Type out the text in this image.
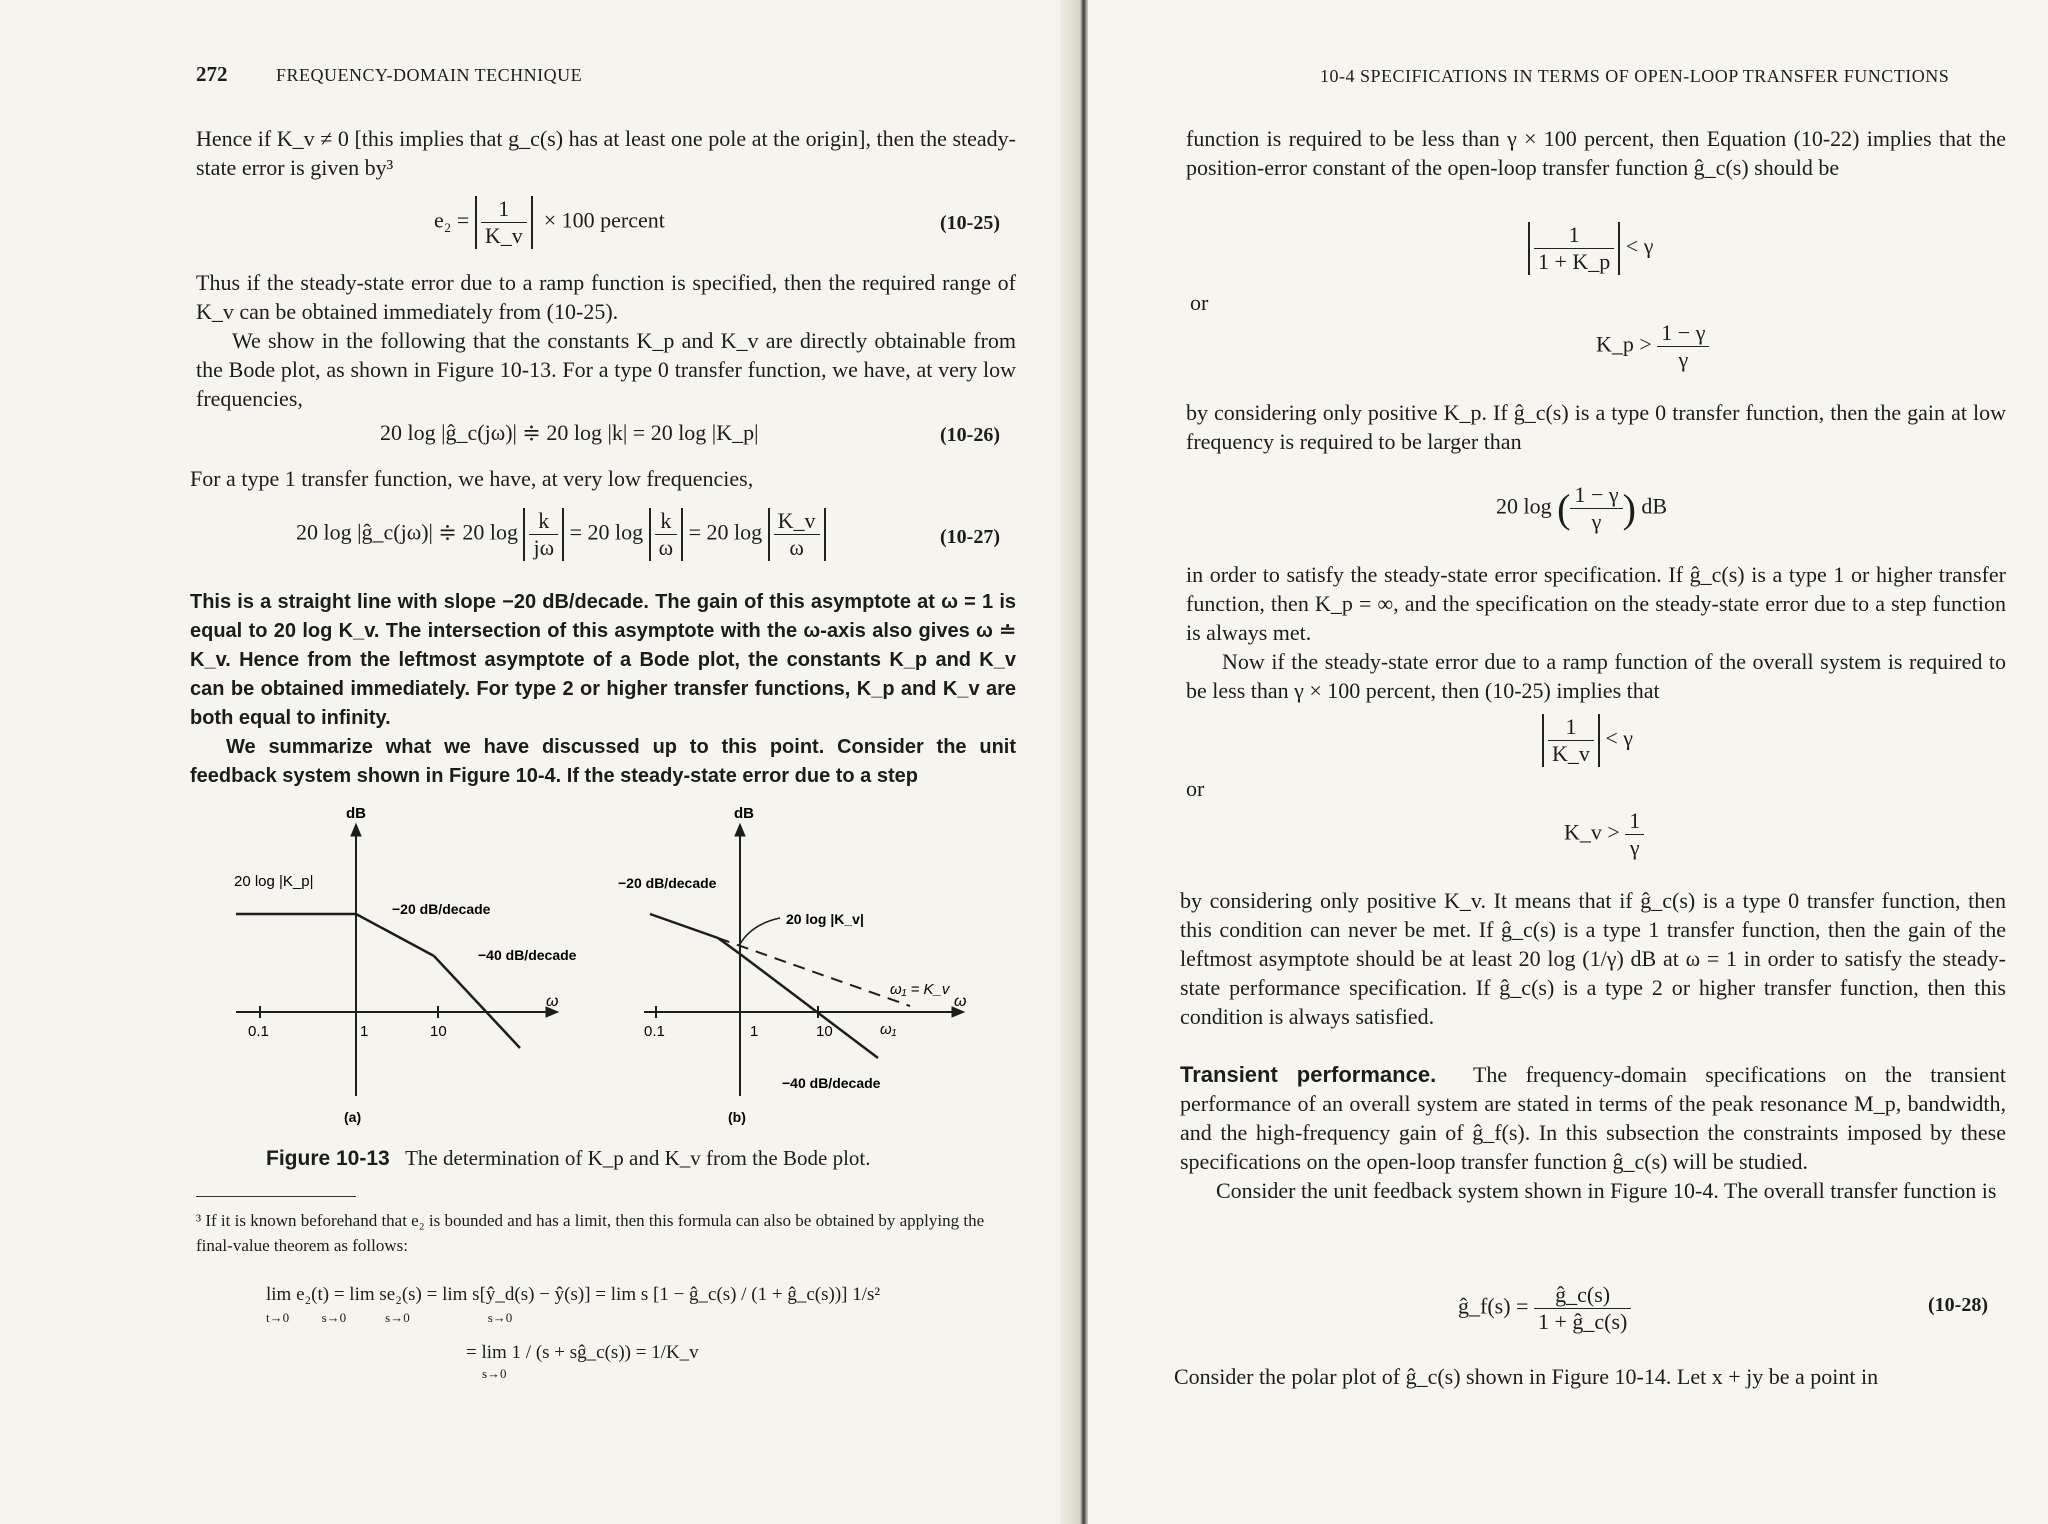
272	FREQUENCY-DOMAIN TECHNIQUE

Hence if K_v ≠ 0 [this implies that g_c(s) has at least one pole at the origin], then the steady-state error is given by³

$e_2 = \frac{1}{K\_v} \times 100$ percent	(10-25)

Thus if the steady-state error due to a ramp function is specified, then the required range of K_v can be obtained immediately from (10-25).

We show in the following that the constants K_p and K_v are directly obtainable from the Bode plot, as shown in Figure 10-13. For a type 0 transfer function, we have, at very low frequencies,

20 log |ĝ_c(jω)| ≑ 20 log |k| = 20 log |K_p|	(10-26)

For a type 1 transfer function, we have, at very low frequencies,

20 log |ĝ_c(jω)| ≑ 20 $\log \frac{k}{j\omega} = 20$ $\log \frac{k}{\omega} = 20$ $\log \frac{K\_v}{\omega}$	(10-27)

This is a straight line with slope −20 dB/decade. The gain of this asymptote at ω = 1 is equal to 20 log K_v. The intersection of this asymptote with the ω-axis also gives ω ≐ K_v. Hence from the leftmost asymptote of a Bode plot, the constants K_p and K_v can be obtained immediately. For type 2 or higher transfer functions, K_p and K_v are both equal to infinity.

We summarize what we have discussed up to this point. Consider the unit feedback system shown in Figure 10-4. If the steady-state error due to a step

dB
20 log |K_p|
−20 dB/decade
−40 dB/decade
0.1	1	10
ω
(a)
dB
−20 dB/decade
20 log |K_v|
ω₁ = K_v
0.1	1	10	ω₁
ω
−40 dB/decade
(b)
Figure 10-13 The determination of K_p and K_v from the Bode plot.
³ If it is known beforehand that e₂ is bounded and has a limit, then this formula can also be obtained by applying the final-value theorem as follows:
lim e₂(t) = lim se₂(s) = lim s[ŷ_d(s) − ŷ(s)] = lim s [1 − ĝ_c(s) / (1 + ĝ_c(s))] 1/s²
t→0          s→0            s→0                        s→0
= lim 1 / (s + sĝ_c(s)) = 1/K_v
s→0
10-4 SPECIFICATIONS IN TERMS OF OPEN-LOOP TRANSFER FUNCTIONS

function is required to be less than γ × 100 percent, then Equation (10-22) implies that the position-error constant of the open-loop transfer function ĝ_c(s) should be

$\frac{1}{1 + K\_p} < \gamma$
or
K_p > $\frac{1 - \gamma}{\gamma}$

by considering only positive K_p. If ĝ_c(s) is a type 0 transfer function, then the gain at low frequency is required to be larger than

20 log ( $\frac{1 - \gamma}{\gamma}$ ) dB

in order to satisfy the steady-state error specification. If ĝ_c(s) is a type 1 or higher transfer function, then K_p = ∞, and the specification on the steady-state error due to a step function is always met.

Now if the steady-state error due to a ramp function of the overall system is required to be less than γ × 100 percent, then (10-25) implies that

$\frac{1}{K\_v} < \gamma$
or
K_v > $\frac{1}{\gamma}$

by considering only positive K_v. It means that if ĝ_c(s) is a type 0 transfer function, then this condition can never be met. If ĝ_c(s) is a type 1 transfer function, then the gain of the leftmost asymptote should be at least 20 log (1/γ) dB at ω = 1 in order to satisfy the steady-state performance specification. If ĝ_c(s) is a type 2 or higher transfer function, then this condition is always satisfied.

Transient performance. The frequency-domain specifications on the transient performance of an overall system are stated in terms of the peak resonance M_p, bandwidth, and the high-frequency gain of ĝ_f(s). In this subsection the constraints imposed by these specifications on the open-loop transfer function ĝ_c(s) will be studied.

Consider the unit feedback system shown in Figure 10-4. The overall transfer function is

ĝ_f(s) = $\frac{ĝ\_c(s)}{1 + ĝ\_c(s)}$	(10-28)

Consider the polar plot of ĝ_c(s) shown in Figure 10-14. Let x + jy be a point in
